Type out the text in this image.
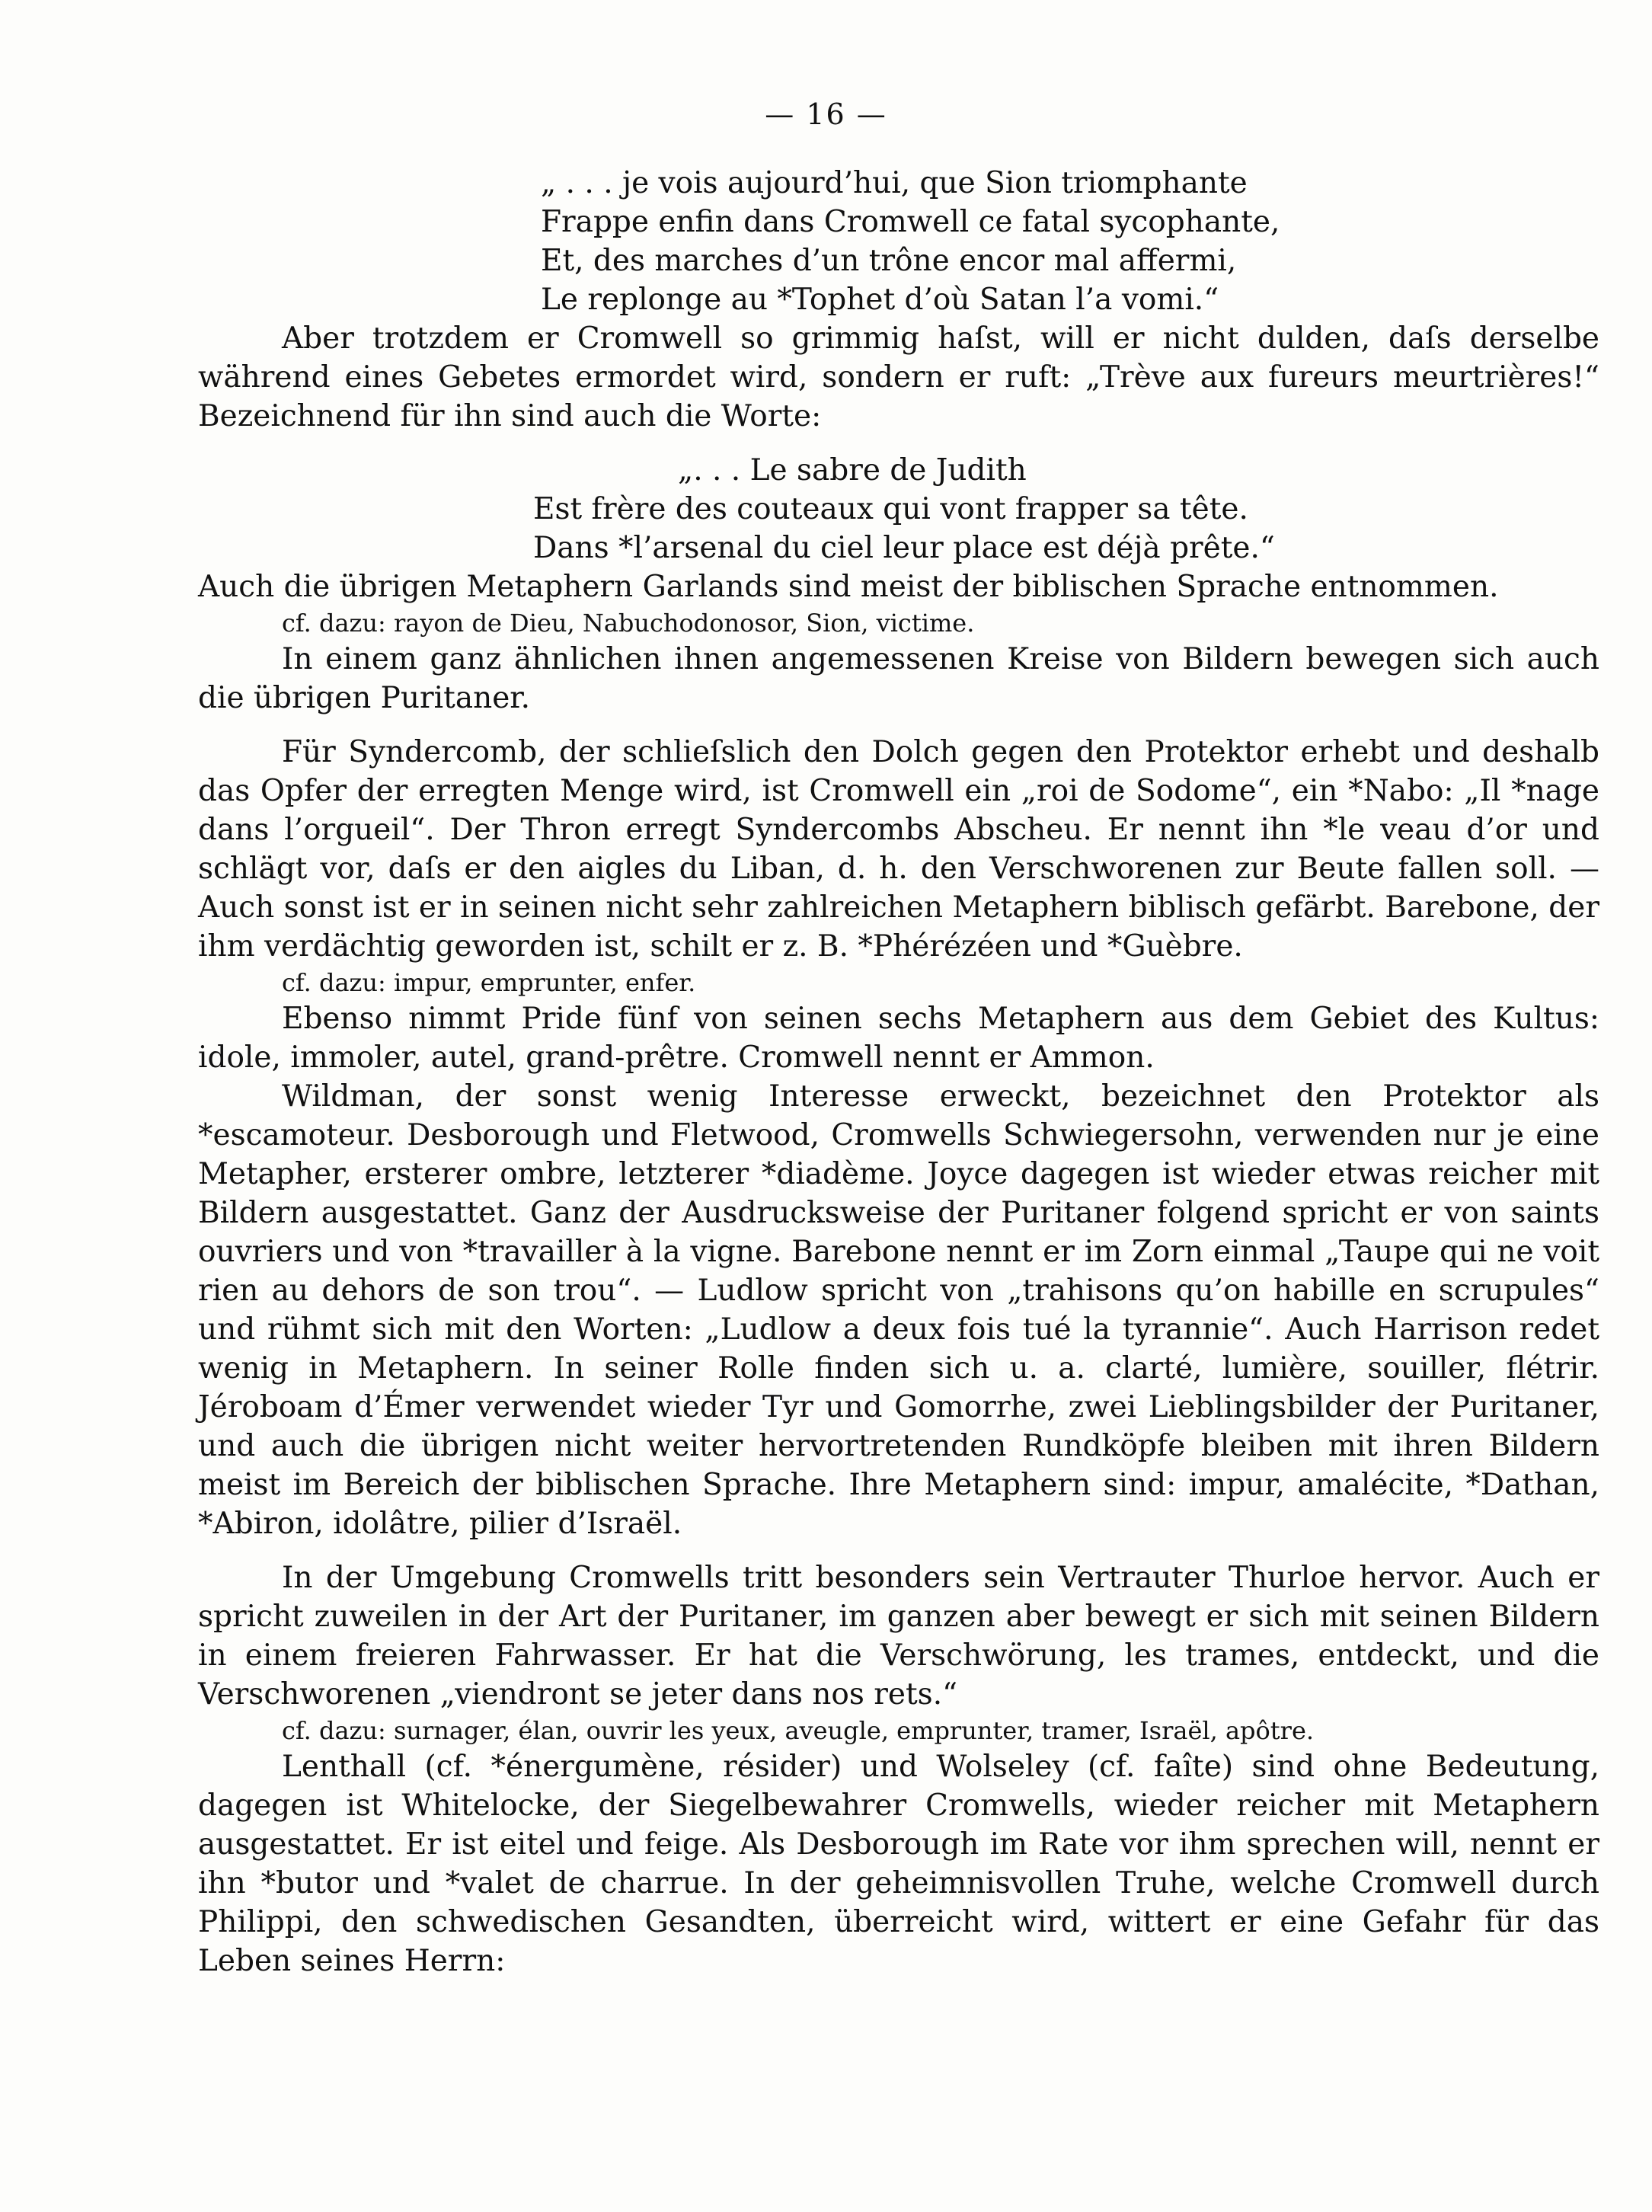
— 16 —
„ . . . je vois aujourd’hui, que Sion triomphante
Frappe enfin dans Cromwell ce fatal sycophante,
Et, des marches d’un trône encor mal affermi,
Le replonge au *Tophet d’où Satan l’a vomi.“

Aber trotzdem er Cromwell so grimmig haſst, will er nicht dulden, daſs derselbe während eines Gebetes ermordet wird, sondern er ruft: „Trève aux fureurs meurtrières!“ Bezeichnend für ihn sind auch die Worte:

„. . . Le sabre de Judith
Est frère des couteaux qui vont frapper sa tête.
Dans *l’arsenal du ciel leur place est déjà prête.“

Auch die übrigen Metaphern Garlands sind meist der biblischen Sprache entnommen.

cf. dazu: rayon de Dieu, Nabuchodonosor, Sion, victime.

In einem ganz ähnlichen ihnen angemessenen Kreise von Bildern bewegen sich auch die übrigen Puritaner.

Für Syndercomb, der schlieſslich den Dolch gegen den Protektor erhebt und deshalb das Opfer der erregten Menge wird, ist Cromwell ein „roi de Sodome“, ein *Nabo: „Il *nage dans l’orgueil“. Der Thron erregt Syndercombs Abscheu. Er nennt ihn *le veau d’or und schlägt vor, daſs er den aigles du Liban, d. h. den Verschworenen zur Beute fallen soll. — Auch sonst ist er in seinen nicht sehr zahlreichen Metaphern biblisch gefärbt. Barebone, der ihm verdächtig geworden ist, schilt er z. B. *Phérézéen und *Guèbre.

cf. dazu: impur, emprunter, enfer.

Ebenso nimmt Pride fünf von seinen sechs Metaphern aus dem Gebiet des Kultus: idole, immoler, autel, grand-prêtre. Cromwell nennt er Ammon.

Wildman, der sonst wenig Interesse erweckt, bezeichnet den Protektor als *escamoteur. Desborough und Fletwood, Cromwells Schwiegersohn, verwenden nur je eine Metapher, ersterer ombre, letzterer *diadème. Joyce dagegen ist wieder etwas reicher mit Bildern ausgestattet. Ganz der Ausdrucksweise der Puritaner folgend spricht er von saints ouvriers und von *travailler à la vigne. Barebone nennt er im Zorn einmal „Taupe qui ne voit rien au dehors de son trou“. — Ludlow spricht von „trahisons qu’on habille en scrupules“ und rühmt sich mit den Worten: „Ludlow a deux fois tué la tyrannie“. Auch Harrison redet wenig in Metaphern. In seiner Rolle finden sich u. a. clarté, lumière, souiller, flétrir. Jéroboam d’Émer verwendet wieder Tyr und Gomorrhe, zwei Lieblingsbilder der Puritaner, und auch die übrigen nicht weiter hervortretenden Rundköpfe bleiben mit ihren Bildern meist im Bereich der biblischen Sprache. Ihre Metaphern sind: impur, amalécite, *Dathan, *Abiron, idolâtre, pilier d’Israël.

In der Umgebung Cromwells tritt besonders sein Vertrauter Thurloe hervor. Auch er spricht zuweilen in der Art der Puritaner, im ganzen aber bewegt er sich mit seinen Bildern in einem freieren Fahrwasser. Er hat die Verschwörung, les trames, entdeckt, und die Verschworenen „viendront se jeter dans nos rets.“

cf. dazu: surnager, élan, ouvrir les yeux, aveugle, emprunter, tramer, Israël, apôtre.

Lenthall (cf. *énergumène, résider) und Wolseley (cf. faîte) sind ohne Bedeutung, dagegen ist Whitelocke, der Siegelbewahrer Cromwells, wieder reicher mit Metaphern ausgestattet. Er ist eitel und feige. Als Desborough im Rate vor ihm sprechen will, nennt er ihn *butor und *valet de charrue. In der geheimnisvollen Truhe, welche Cromwell durch Philippi, den schwedischen Gesandten, überreicht wird, wittert er eine Gefahr für das Leben seines Herrn:
